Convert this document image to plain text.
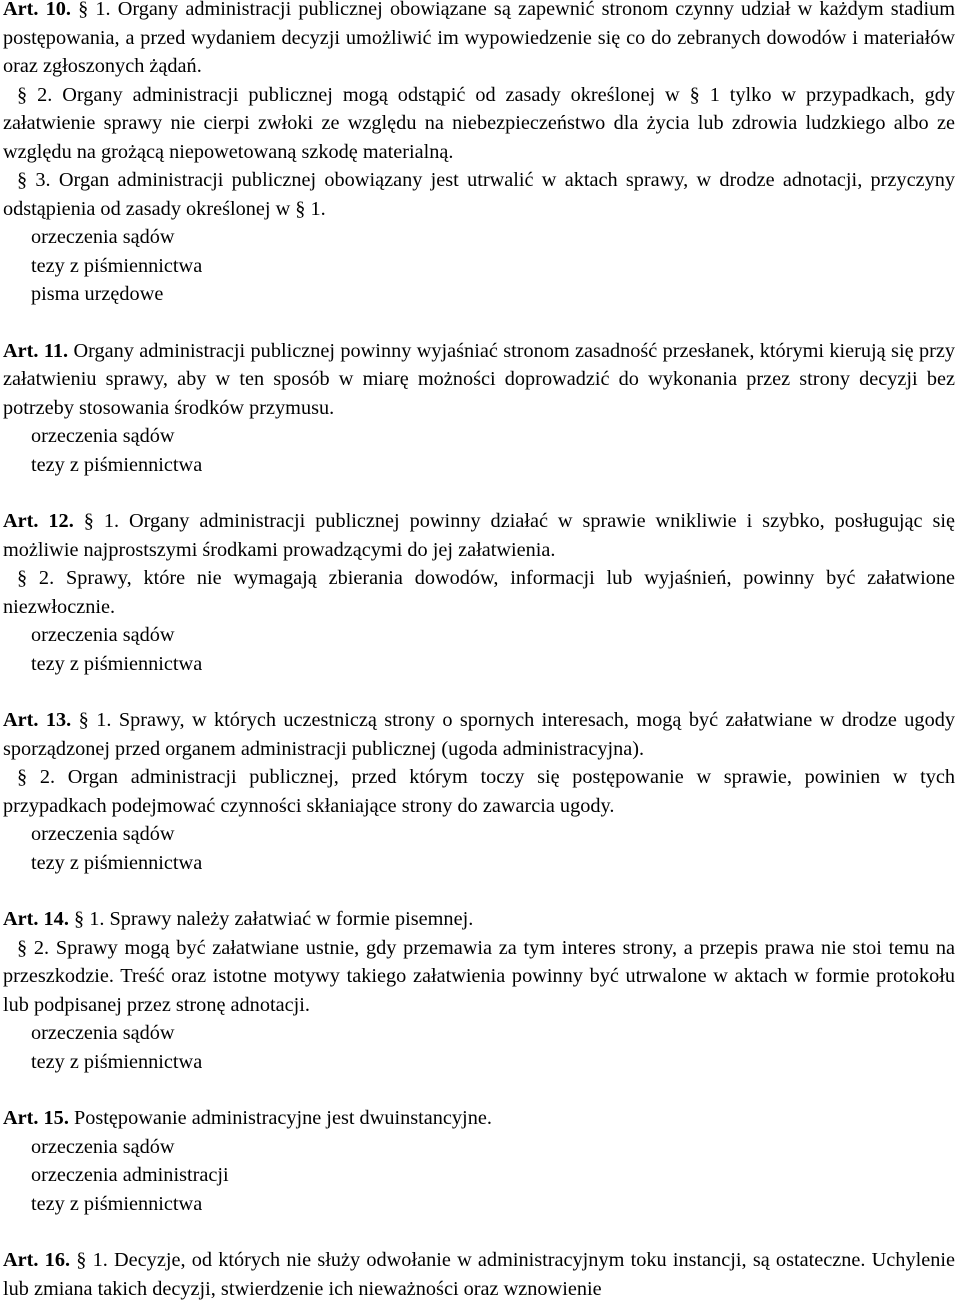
Art. 10. § 1. Organy administracji publicznej obowiązane są zapewnić stronom czynny udział w każdym stadium postępowania, a przed wydaniem decyzji umożliwić im wypowiedzenie się co do zebranych dowodów i materiałów oraz zgłoszonych żądań.

§ 2. Organy administracji publicznej mogą odstąpić od zasady określonej w § 1 tylko w przypadkach, gdy załatwienie sprawy nie cierpi zwłoki ze względu na niebezpieczeństwo dla życia lub zdrowia ludzkiego albo ze względu na grożącą niepowetowaną szkodę materialną.

§ 3. Organ administracji publicznej obowiązany jest utrwalić w aktach sprawy, w drodze adnotacji, przyczyny odstąpienia od zasady określonej w § 1.

orzeczenia sądów
tezy z piśmiennictwa
pisma urzędowe

Art. 11. Organy administracji publicznej powinny wyjaśniać stronom zasadność przesłanek, którymi kierują się przy załatwieniu sprawy, aby w ten sposób w miarę możności doprowadzić do wykonania przez strony decyzji bez potrzeby stosowania środków przymusu.

orzeczenia sądów
tezy z piśmiennictwa

Art. 12. § 1. Organy administracji publicznej powinny działać w sprawie wnikliwie i szybko, posługując się możliwie najprostszymi środkami prowadzącymi do jej załatwienia.

§ 2. Sprawy, które nie wymagają zbierania dowodów, informacji lub wyjaśnień, powinny być załatwione niezwłocznie.

orzeczenia sądów
tezy z piśmiennictwa

Art. 13. § 1. Sprawy, w których uczestniczą strony o spornych interesach, mogą być załatwiane w drodze ugody sporządzonej przed organem administracji publicznej (ugoda administracyjna).

§ 2. Organ administracji publicznej, przed którym toczy się postępowanie w sprawie, powinien w tych przypadkach podejmować czynności skłaniające strony do zawarcia ugody.

orzeczenia sądów
tezy z piśmiennictwa

Art. 14. § 1. Sprawy należy załatwiać w formie pisemnej.

§ 2. Sprawy mogą być załatwiane ustnie, gdy przemawia za tym interes strony, a przepis prawa nie stoi temu na przeszkodzie. Treść oraz istotne motywy takiego załatwienia powinny być utrwalone w aktach w formie protokołu lub podpisanej przez stronę adnotacji.

orzeczenia sądów
tezy z piśmiennictwa

Art. 15. Postępowanie administracyjne jest dwuinstancyjne.

orzeczenia sądów
orzeczenia administracji
tezy z piśmiennictwa

Art. 16. § 1. Decyzje, od których nie służy odwołanie w administracyjnym toku instancji, są ostateczne. Uchylenie lub zmiana takich decyzji, stwierdzenie ich nieważności oraz wznowienie
